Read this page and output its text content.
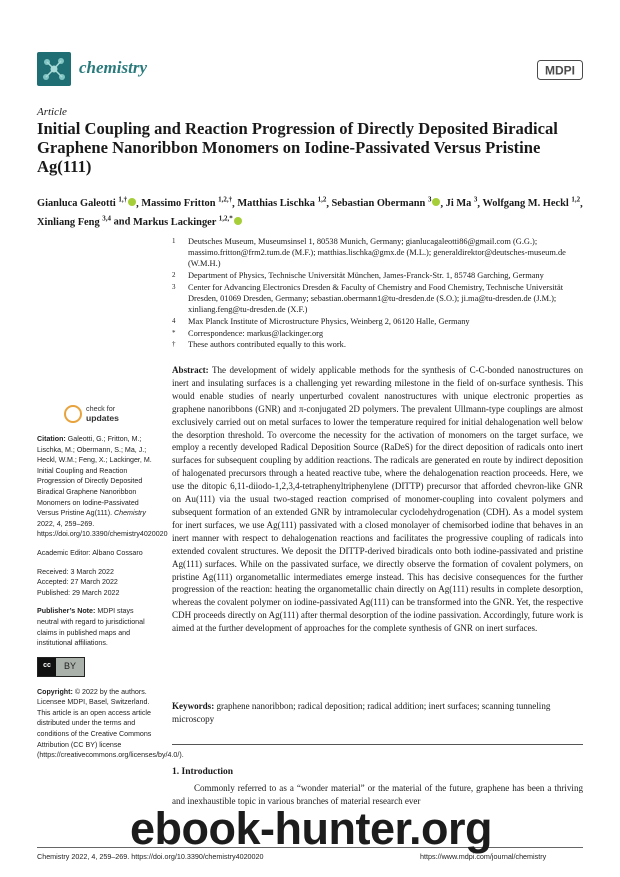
chemistry	MDPI
Article
Initial Coupling and Reaction Progression of Directly Deposited Biradical Graphene Nanoribbon Monomers on Iodine-Passivated Versus Pristine Ag(111)
Gianluca Galeotti $^{1,\dagger}$ , Massimo Fritton $^{1,2,\dagger}$, Matthias Lischka $^{1,2}$, Sebastian Obermann $^3$ , Ji Ma $^3$, Wolfgang M. Heckl $^{1,2}$, Xinliang Feng $^{3,4}$ and Markus Lackinger $^{1,2,*}$
1	Deutsches Museum, Museumsinsel 1, 80538 Munich, Germany; gianlucagaleotti86@gmail.com (G.G.); massimo.fritton@frm2.tum.de (M.F.); matthias.lischka@gmx.de (M.L.); generaldirektor@deutsches-museum.de (W.M.H.)
2	Department of Physics, Technische Universität München, James-Franck-Str. 1, 85748 Garching, Germany
3	Center for Advancing Electronics Dresden & Faculty of Chemistry and Food Chemistry, Technische Universität Dresden, 01069 Dresden, Germany; sebastian.obermann1@tu-dresden.de (S.O.); ji.ma@tu-dresden.de (J.M.); xinliang.feng@tu-dresden.de (X.F.)
4	Max Planck Institute of Microstructure Physics, Weinberg 2, 06120 Halle, Germany
*	Correspondence: markus@lackinger.org
†	These authors contributed equally to this work.
Abstract: The development of widely applicable methods for the synthesis of C-C-bonded nanostructures on inert and insulating surfaces is a challenging yet rewarding milestone in the field of on-surface synthesis. This would enable studies of nearly unperturbed covalent nanostructures with unique electronic properties as graphene nanoribbons (GNR) and π-conjugated 2D polymers. The prevalent Ullmann-type couplings are almost exclusively carried out on metal surfaces to lower the temperature required for initial dehalogenation well below the desorption threshold. To overcome the necessity for the activation of monomers on the target surface, we employ a recently developed Radical Deposition Source (RaDeS) for the direct deposition of radicals onto inert surfaces for subsequent coupling by addition reactions. The radicals are generated en route by indirect deposition of halogenated precursors through a heated reactive tube, where the dehalogenation reaction proceeds. Here, we use the ditopic 6,11-diiodo-1,2,3,4-tetraphenyltriphenylene (DITTP) precursor that afforded chevron-like GNR on Au(111) via the usual two-staged reaction comprised of monomer-coupling into covalent polymers and subsequent formation of an extended GNR by intramolecular cyclodehydrogenation (CDH). As a model system for inert surfaces, we use Ag(111) passivated with a closed monolayer of chemisorbed iodine that behaves in an inert manner with respect to dehalogenation reactions and facilitates the progressive coupling of radicals into extended covalent structures. We deposit the DITTP-derived biradicals onto both iodine-passivated and pristine Ag(111) surfaces. While on the passivated surface, we directly observe the formation of covalent polymers, on pristine Ag(111) organometallic intermediates emerge instead. This has decisive consequences for the further progression of the reaction: heating the organometallic chain directly on Ag(111) results in complete desorption, whereas the covalent polymer on iodine-passivated Ag(111) can be transformed into the GNR. Yet, the respective CDH proceeds directly on Ag(111) after thermal desorption of the iodine passivation. Accordingly, future work is aimed at the further development of approaches for the complete synthesis of GNR on inert surfaces.
Keywords: graphene nanoribbon; radical deposition; radical addition; inert surfaces; scanning tunneling microscopy
1. Introduction
Commonly referred to as a “wonder material” or the material of the future, graphene has been a thriving and inexhaustible topic in various branches of material research ever
check for
updates

Citation: Galeotti, G.; Fritton, M.; Lischka, M.; Obermann, S.; Ma, J.; Heckl, W.M.; Feng, X.; Lackinger, M. Initial Coupling and Reaction Progression of Directly Deposited Biradical Graphene Nanoribbon Monomers on Iodine-Passivated Versus Pristine Ag(111). Chemistry 2022, 4, 259–269. https://doi.org/10.3390/chemistry4020020

Academic Editor: Albano Cossaro

Received: 3 March 2022

Accepted: 27 March 2022

Published: 29 March 2022

Publisher’s Note: MDPI stays neutral with regard to jurisdictional claims in published maps and institutional affiliations.

cc	BY

Copyright: © 2022 by the authors. Licensee MDPI, Basel, Switzerland. This article is an open access article distributed under the terms and conditions of the Creative Commons Attribution (CC BY) license (https://creativecommons.org/licenses/by/4.0/).

Chemistry 2022, 4, 259–269. https://doi.org/10.3390/chemistry4020020	https://www.mdpi.com/journal/chemistry
ebook-hunter.org
